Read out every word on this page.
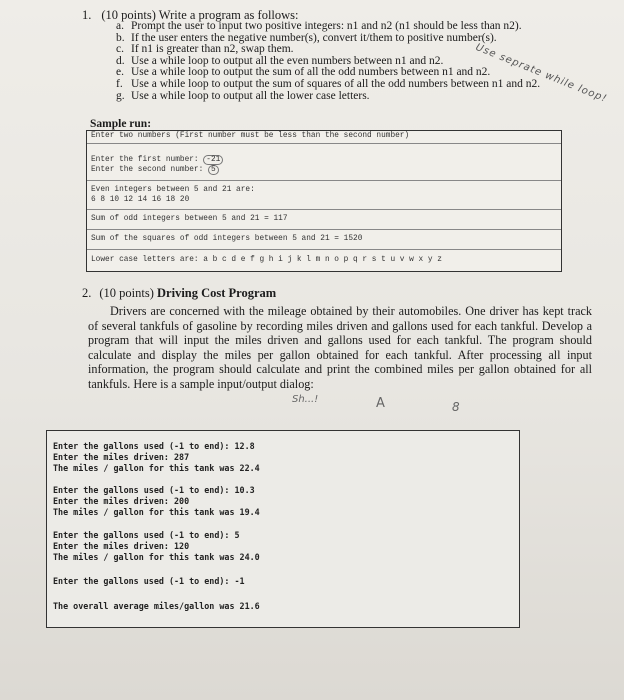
1. (10 points) Write a program as follows:
a. Prompt the user to input two positive integers: n1 and n2 (n1 should be less than n2).
b. If the user enters the negative number(s), convert it/them to positive number(s).
c. If n1 is greater than n2, swap them.
d. Use a while loop to output all the even numbers between n1 and n2.
e. Use a while loop to output the sum of all the odd numbers between n1 and n2.
f. Use a while loop to output the sum of squares of all the odd numbers between n1 and n2.
g. Use a while loop to output all the lower case letters.	Use seprate while loop!
Sample run:
Enter two numbers (First number must be less than the second number)
Enter the first number: -21
Enter the second number: 5
Even integers between 5 and 21 are:
6 8 10 12 14 16 18 20
Sum of odd integers between 5 and 21 = 117
Sum of the squares of odd integers between 5 and 21 = 1520
Lower case letters are: a b c d e f g h i j k l m n o p q r s t u v w x y z
2. (10 points) Driving Cost Program
Drivers are concerned with the mileage obtained by their automobiles. One driver has kept track of several tankfuls of gasoline by recording miles driven and gallons used for each tankful. Develop a program that will input the miles driven and gallons used for each tankful. The program should calculate and display the miles per gallon obtained for each tankful. After processing all input information, the program should calculate and print the combined miles per gallon obtained for all tankfuls. Here is a sample input/output dialog:
Sh...!	A	8
Enter the gallons used (-1 to end): 12.8
Enter the miles driven: 287
The miles / gallon for this tank was 22.4
Enter the gallons used (-1 to end): 10.3
Enter the miles driven: 200
The miles / gallon for this tank was 19.4
Enter the gallons used (-1 to end): 5
Enter the miles driven: 120
The miles / gallon for this tank was 24.0
Enter the gallons used (-1 to end): -1
The overall average miles/gallon was 21.6
